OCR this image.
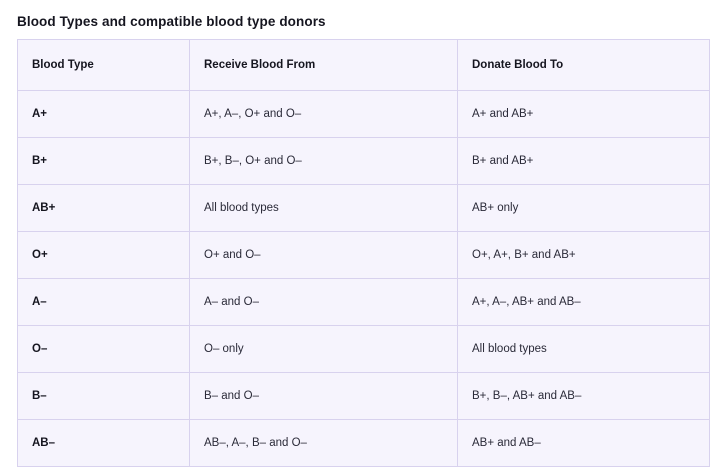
Blood Types and compatible blood type donors
Blood Type	Receive Blood From	Donate Blood To
A+	A+, A–, O+ and O–	A+ and AB+
B+	B+, B–, O+ and O–	B+ and AB+
AB+	All blood types	AB+ only
O+	O+ and O–	O+, A+, B+ and AB+
A–	A– and O–	A+, A–, AB+ and AB–
O–	O– only	All blood types
B–	B– and O–	B+, B–, AB+ and AB–
AB–	AB–, A–, B– and O–	AB+ and AB–
